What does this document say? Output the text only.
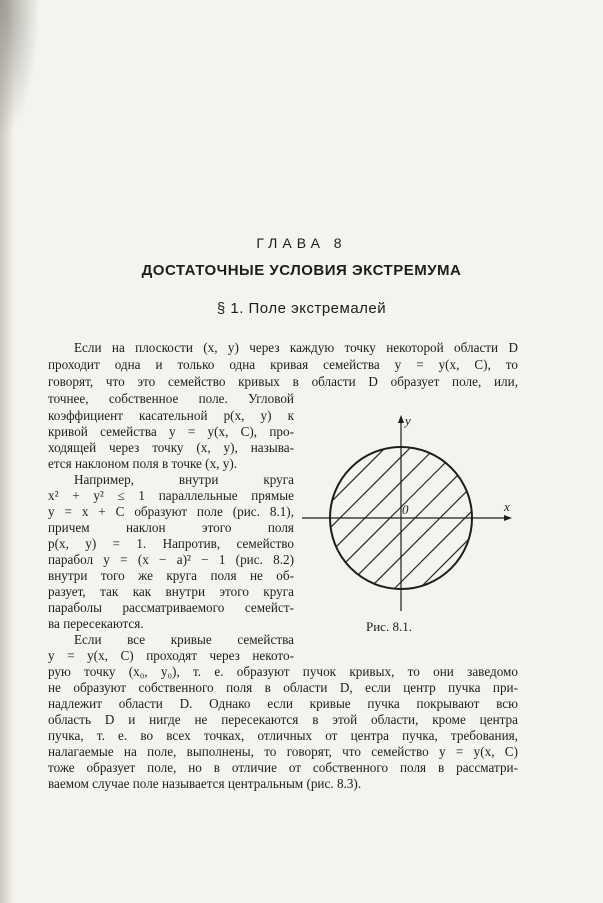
ГЛАВА 8
ДОСТАТОЧНЫЕ УСЛОВИЯ ЭКСТРЕМУМА
§ 1. Поле экстремалей
Если на плоскости (x, y) через каждую точку некоторой области D
проходит одна и только одна кривая семейства y = y(x, C), то
говорят, что это семейство кривых в области D образует поле, или,
точнее, собственное поле. Угловой
коэффициент касательной p(x, y) к
кривой семейства y = y(x, C), про-
ходящей через точку (x, y), называ-
ется наклоном поля в точке (x, y).
Например, внутри круга
x² + y² ≤ 1 параллельные прямые
y = x + C образуют поле (рис. 8.1),
причем наклон этого поля
p(x, y) = 1. Напротив, семейство
парабол y = (x − a)² − 1 (рис. 8.2)
внутри того же круга поля не об-
разует, так как внутри этого круга
параболы рассматриваемого семейст-
ва пересекаются.
Если все кривые семейства
y = y(x, C) проходят через некото-
рую точку (x₀, y₀), т. е. образуют пучок кривых, то они заведомо
не образуют собственного поля в области D, если центр пучка при-
надлежит области D. Однако если кривые пучка покрывают всю
область D и нигде не пересекаются в этой области, кроме центра
пучка, т. е. во всех точках, отличных от центра пучка, требования,
налагаемые на поле, выполнены, то говорят, что семейство y = y(x, C)
тоже образует поле, но в отличие от собственного поля в рассматри-
ваемом случае поле называется центральным (рис. 8.3).
x
y
0
Рис. 8.1.
